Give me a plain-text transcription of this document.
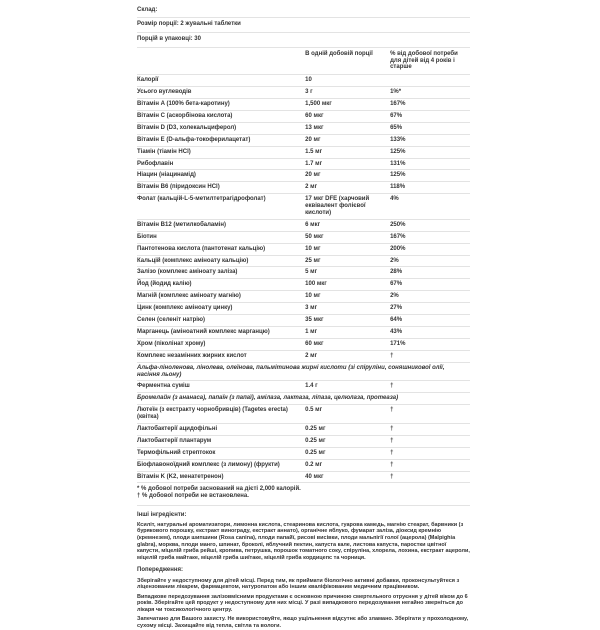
Склад:		
Розмір порції: 2 жувальні таблетки		
Порцій в упаковці: 30		
	В одній добовій порції	% від добової потреби для дітей від 4 років і старше
Калорії	10	
Усього вуглеводів	3 г	1%*
Вітамін A (100% бета-каротину)	1,500 мкг	167%
Вітамін C (аскорбінова кислота)	60 мкг	67%
Вітамін D (D3, холекальциферол)	13 мкг	65%
Вітамін E (D-альфа-токоферилацетат)	20 мг	133%
Тіамін (тіамін HCl)	1.5 мг	125%
Рибофлавін	1.7 мг	131%
Ніацин (ніацинамід)	20 мг	125%
Вітамін B6 (піридоксин HCl)	2 мг	118%
Фолат (кальцій-L-5-метилтетрагідрофолат)	17 мкг DFE (харчовий еквівалент фолієвої кислоти)	4%
Вітамін B12 (метилкобаламін)	6 мкг	250%
Біотин	50 мкг	167%
Пантотенова кислота (пантотенат кальцію)	10 мг	200%
Кальцій (комплекс аміноату кальцію)	25 мг	2%
Залізо (комплекс аміноату заліза)	5 мг	28%
Йод (йодид калію)	100 мкг	67%
Магній (комплекс аміноату магнію)	10 мг	2%
Цинк (комплекс аміноату цинку)	3 мг	27%
Селен (селеніт натрію)	35 мкг	64%
Марганець (аміноатний комплекс марганцю)	1 мг	43%
Хром (піколінат хрому)	60 мкг	171%
Комплекс незамінних жирних кислот	2 мг	†
Альфа-ліноленова, лінолева, олеїнова, пальмітинова жирні кислоти (зі спіруліни, соняшникової олії, насіння льону)		
Ферментна суміш	1.4 г	†
Бромелайн (з ананаса), папаїн (з папаї), амілаза, лактаза, ліпаза, целюлаза, протеаза)		
Лютеїн (з екстракту чорнобривців) (Tagetes erecta) (квітка)	0.5 мг	†
Лактобактерії ацидофільні	0.25 мг	†
Лактобактерії плантарум	0.25 мг	†
Термофільний стрептокок	0.25 мг	†
Біофлавоноїдний комплекс (з лимону) (фрукти)	0.2 мг	†
Вітамін K (K2, менатетренон)	40 мкг	†
* % добової потреби заснований на дієті 2,000 калорій.
† % добової потреби не встановлена.
Інші інгредієнти:

Ксиліт, натуральні ароматизатори, лимонна кислота, стеаринова кислота, гуарова камедь, магнію стеарат, барвники (з бурякового порошку, екстракт винограду, екстракт аннато), органічне яблуко, фумарат заліза, діоксид кремнію (кремнезем), плоди шипшини (Rosa canina), плоди папайї, рисові висівки, плоди мальпігії голої (ацерола) (Malpighia glabra), морква, плоди манго, шпинат, броколі, яблучний пектин, капуста кале, листова капуста, паростки цвітної капусти, міцелій гриба рейші, кропива, петрушка, порошок томатного соку, спіруліна, хлорела, лохина, екстракт ацероли, міцелій гриба майтаке, міцелій гриба шиїтаке, міцелій гриба кордицепс та чорниця.

Попередження:

Зберігайте у недоступному для дітей місці. Перед тим, як приймати біологічно активні добавки, проконсультуйтеся з ліцензованим лікарем, фармацевтом, натуропатом або іншим кваліфікованим медичним працівником.

Випадкове передозування залізовмісними продуктами є основною причиною смертельного отруєння у дітей віком до 6 років. Зберігайте цей продукт у недоступному для них місці. У разі випадкового передозування негайно зверніться до лікаря чи токсикологічного центру.

Запечатано для Вашого захисту. Не використовуйте, якщо ущільнення відсутнє або зламано. Зберігати у прохолодному, сухому місці. Захищайте від тепла, світла та вологи.
